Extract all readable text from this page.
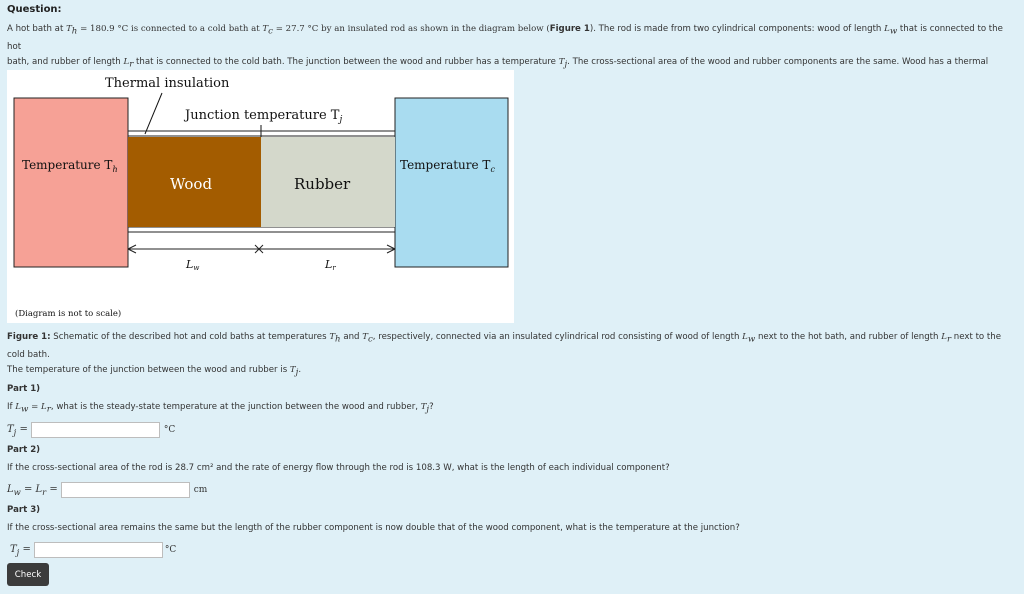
Question:
A hot bath at $T_h = 180.9$ °C is connected to a cold bath at $T_c = 27.7$ °C by an insulated rod as shown in the diagram below (Figure 1). The rod is made from two cylindrical components: wood of length $L_w$ that is connected to the hot
bath, and rubber of length $L_r$ that is connected to the cold bath. The junction between the wood and rubber has a temperature $T_j$. The cross-sectional area of the wood and rubber components are the same. Wood has a thermal
Thermal insulation
Junction temperature $T_j$
Temperature $T_h$	Temperature $T_c$
Wood	Rubber
Lw	Lr
(Diagram is not to scale)
Figure 1: Schematic of the described hot and cold baths at temperatures $T_h$ and $T_c$, respectively, connected via an insulated cylindrical rod consisting of wood of length $L_w$ next to the hot bath, and rubber of length $L_r$ next to the cold bath.
The temperature of the junction between the wood and rubber is $T_j$.
Part 1)
If $L_w = L_r$, what is the steady-state temperature at the junction between the wood and rubber, $T_j$?
$T_j$ =	°C
Part 2)
If the cross-sectional area of the rod is 28.7 cm² and the rate of energy flow through the rod is 108.3 W, what is the length of each individual component?
$L_w = L_r$ =	cm
Part 3)
If the cross-sectional area remains the same but the length of the rubber component is now double that of the wood component, what is the temperature at the junction?
$T_j$ =	°C
Check
